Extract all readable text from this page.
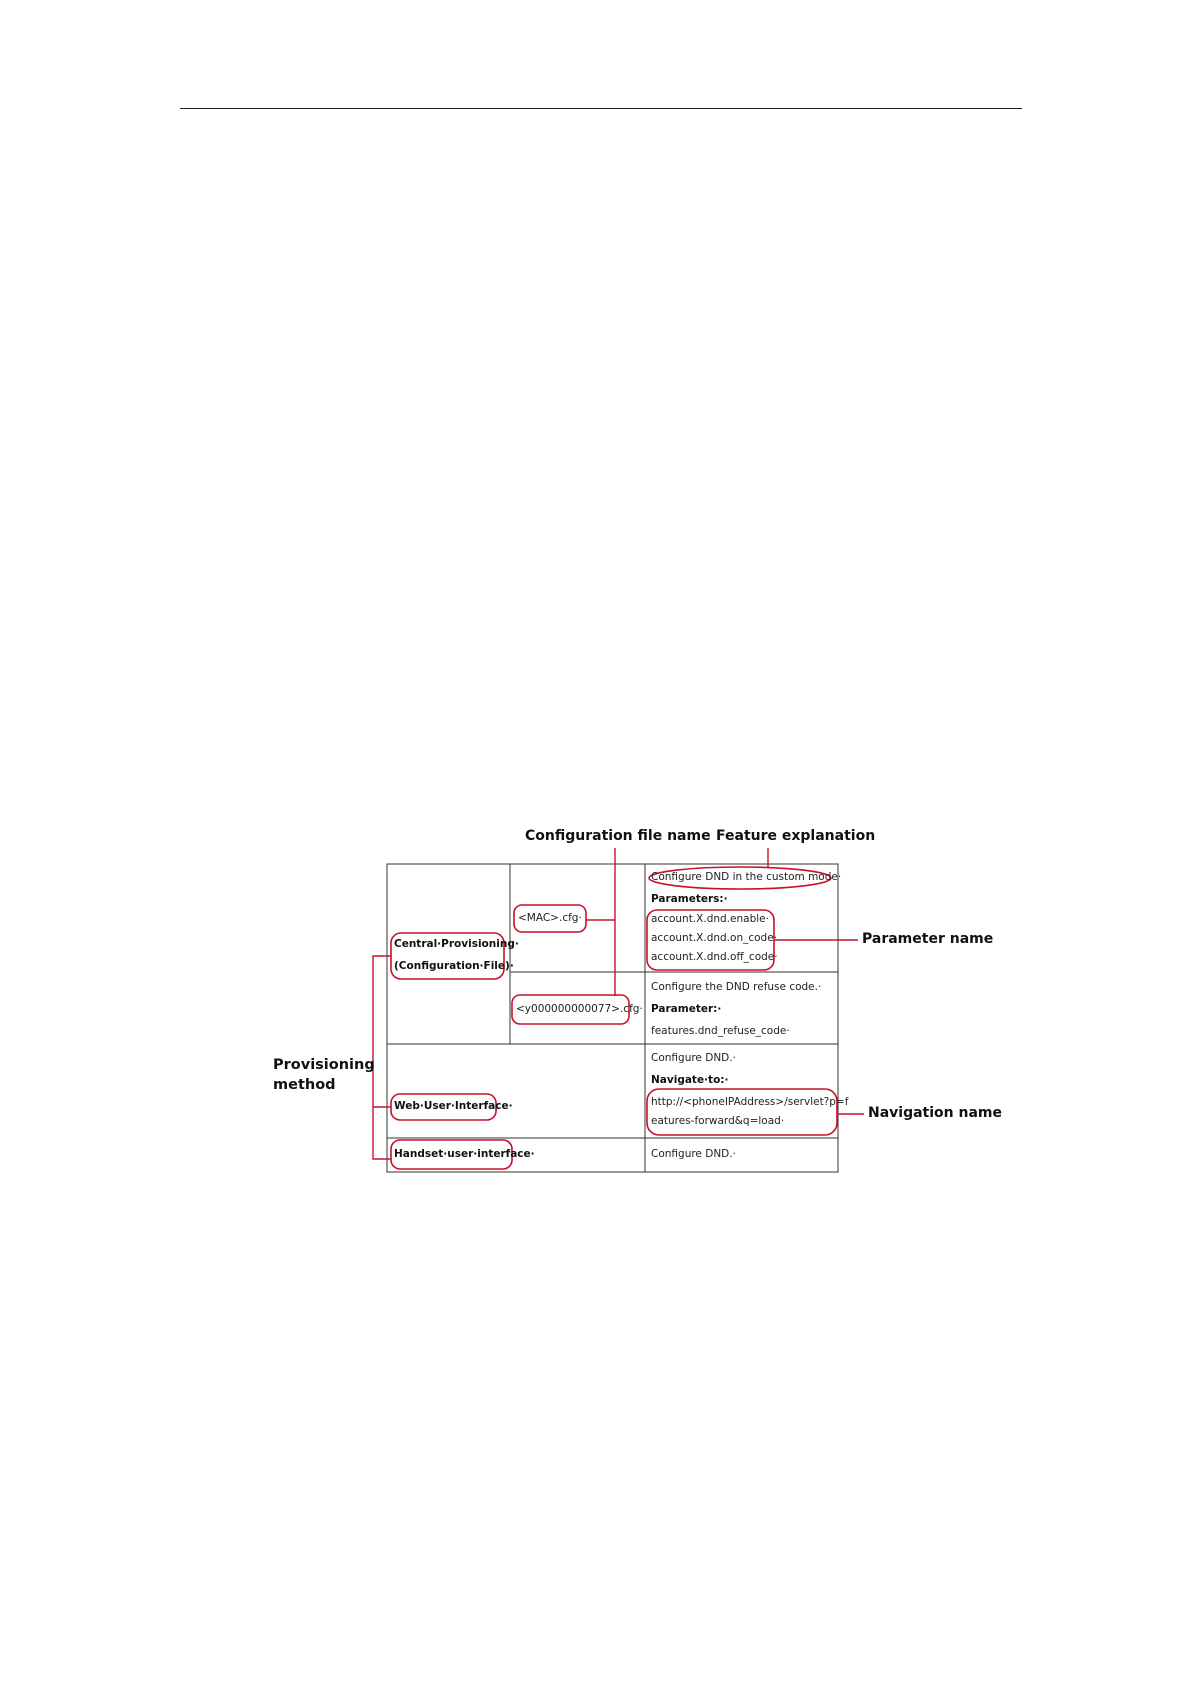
Configuration file name Feature explanation
Parameter name
Navigation name
Provisioning method
Central·Provisioning·
(Configuration·File)·
Web·User·Interface·
Handset·user·interface·
<MAC>.cfg·
<y000000000077>.cfg·
Configure DND in the custom mode·
Parameters:·
account.X.dnd.enable·
account.X.dnd.on_code·
account.X.dnd.off_code·
Configure the DND refuse code.·
Parameter:·
features.dnd_refuse_code·
Configure DND.·
Navigate·to:·
http://<phoneIPAddress>/servlet?p=f
eatures-forward&q=load·
Configure DND.·
